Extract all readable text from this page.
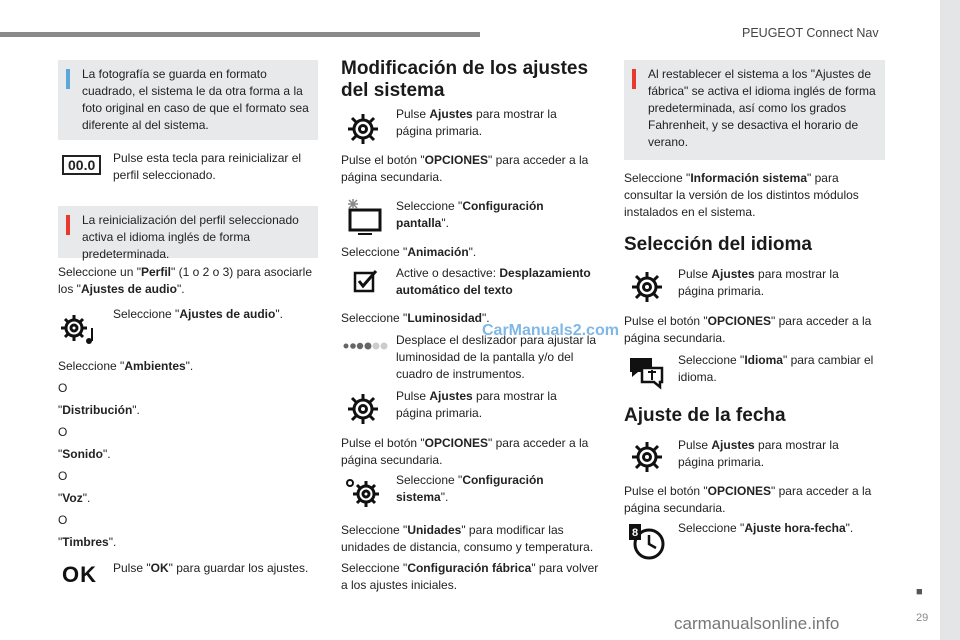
PEUGEOT Connect Nav
■
29
La fotografía se guarda en formato cuadrado, el sistema le da otra forma a la foto original en caso de que el formato sea diferente al del sistema.
00.0	Pulse esta tecla para reinicializar el perfil seleccionado.
La reinicialización del perfil seleccionado activa el idioma inglés de forma predeterminada.
Seleccione un "Perfil" (1 o 2 o 3) para asociarle los "Ajustes de audio".
Seleccione "Ajustes de audio".
Seleccione "Ambientes".
O
"Distribución".
O
"Sonido".
O
"Voz".
O
"Timbres".
OK Pulse "OK" para guardar los ajustes.
Modificación de los ajustes del sistema
Pulse Ajustes para mostrar la página primaria.
Pulse el botón "OPCIONES" para acceder a la página secundaria.
Seleccione "Configuración pantalla".
Seleccione "Animación".
Active o desactive: Desplazamiento automático del texto
Seleccione "Luminosidad".
Desplace el deslizador para ajustar la luminosidad de la pantalla y/o del cuadro de instrumentos.
Pulse Ajustes para mostrar la página primaria.
Pulse el botón "OPCIONES" para acceder a la página secundaria.
Seleccione "Configuración sistema".
Seleccione "Unidades" para modificar las unidades de distancia, consumo y temperatura.
Seleccione "Configuración fábrica" para volver a los ajustes iniciales.
Al restablecer el sistema a los "Ajustes de fábrica" se activa el idioma inglés de forma predeterminada, así como los grados Fahrenheit, y se desactiva el horario de verano.
Seleccione "Información sistema" para consultar la versión de los distintos módulos instalados en el sistema.
Selección del idioma
Pulse Ajustes para mostrar la página primaria.
Pulse el botón "OPCIONES" para acceder a la página secundaria.
Seleccione "Idioma" para cambiar el idioma.
Ajuste de la fecha
Pulse Ajustes para mostrar la página primaria.
Pulse el botón "OPCIONES" para acceder a la página secundaria.
8	Seleccione "Ajuste hora-fecha".
CarManuals2.com
carmanualsonline.info
